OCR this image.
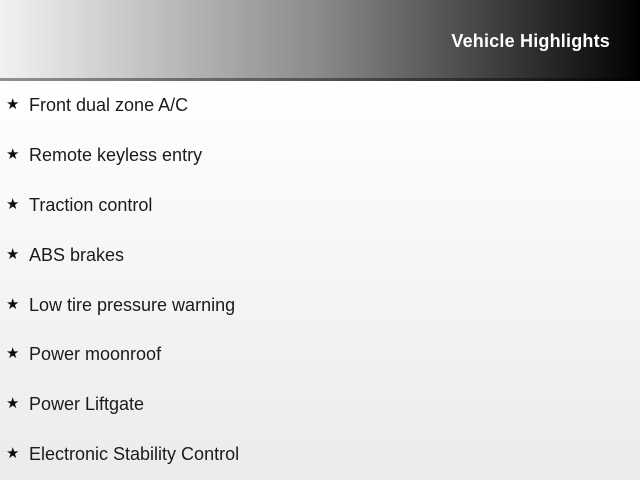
Vehicle Highlights
★ Front dual zone A/C
★ Remote keyless entry
★ Traction control
★ ABS brakes
★ Low tire pressure warning
★ Power moonroof
★ Power Liftgate
★ Electronic Stability Control
